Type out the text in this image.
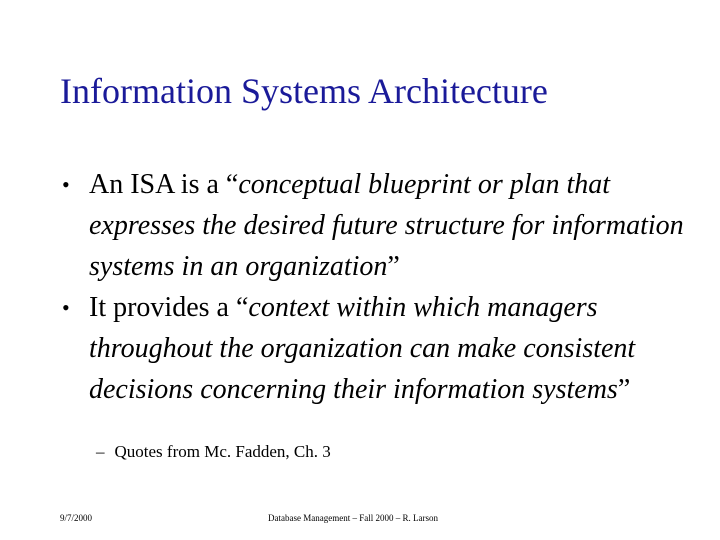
Information Systems Architecture
• An ISA is a “conceptual blueprint or plan that expresses the desired future structure for information systems in an organization”
• It provides a “context within which managers throughout the organization can make consistent decisions concerning their information systems”
– Quotes from Mc. Fadden, Ch. 3
9/7/2000	Database Management – Fall 2000 – R. Larson
